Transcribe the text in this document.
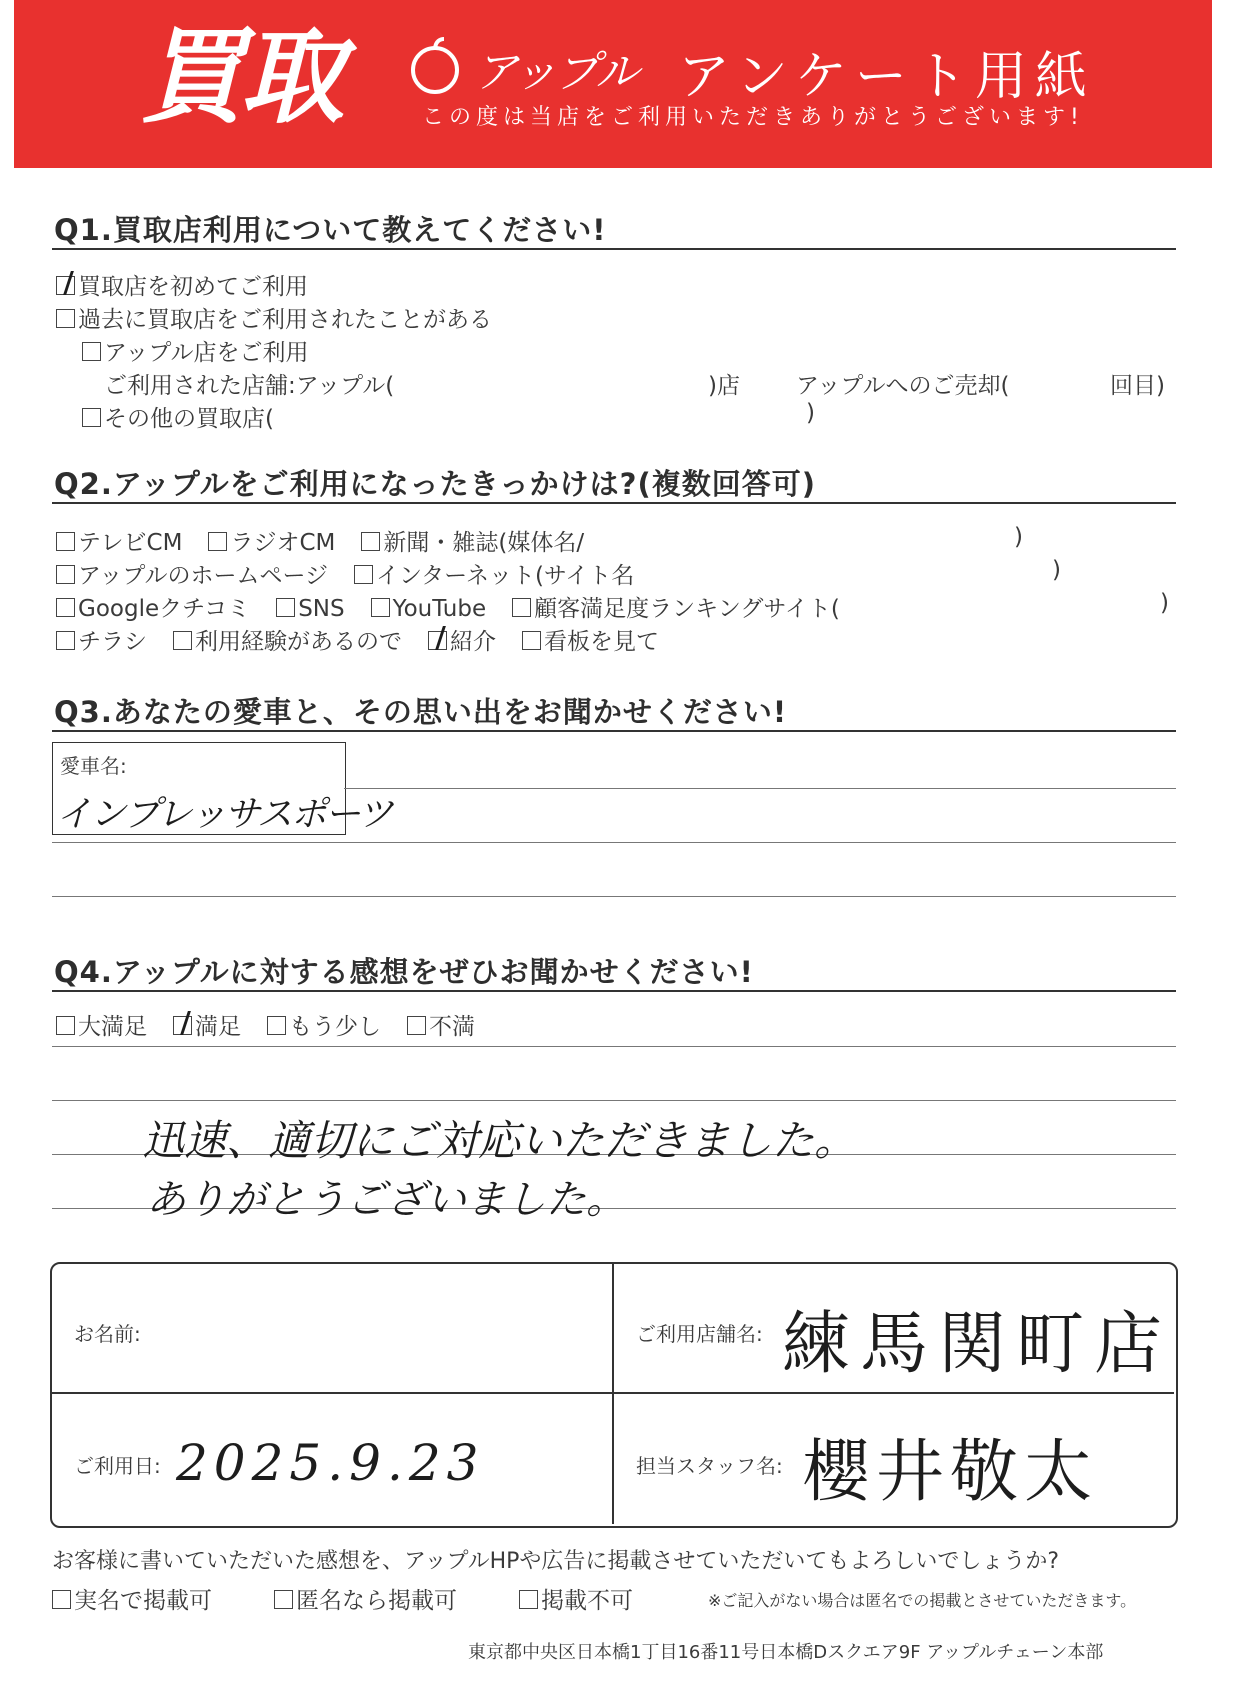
買取	アップル アンケート用紙
この度は当店をご利用いただきありがとうございます!
Q1.買取店利用について教えてください!
買取店を初めてご利用
過去に買取店をご利用されたことがある
アップル店をご利用
ご利用された店舗:アップル(	)店 アップルへのご売却(	回目)
その他の買取店(	)
Q2.アップルをご利用になったきっかけは?(複数回答可)
テレビCM ラジオCM 新聞・雑誌(媒体名/	)
アップルのホームページ インターネット(サイト名	)
Googleクチコミ SNS YouTube 顧客満足度ランキングサイト(	)
チラシ 利用経験があるので 紹介 看板を見て
Q3.あなたの愛車と、その思い出をお聞かせください!
愛車名:
インプレッサスポーツ
Q4.アップルに対する感想をぜひお聞かせください!
大満足 満足 もう少し 不満
迅速、適切にご対応いただきました。
ありがとうございました。
お名前:	ご利用店舗名: 練馬関町店
ご利用日: 2025.9.23	担当スタッフ名: 櫻井敬太
お客様に書いていただいた感想を、アップルHPや広告に掲載させていただいてもよろしいでしょうか?
実名で掲載可	匿名なら掲載可	掲載不可	※ご記入がない場合は匿名での掲載とさせていただきます。
東京都中央区日本橋1丁目16番11号日本橋Dスクエア9F アップルチェーン本部
